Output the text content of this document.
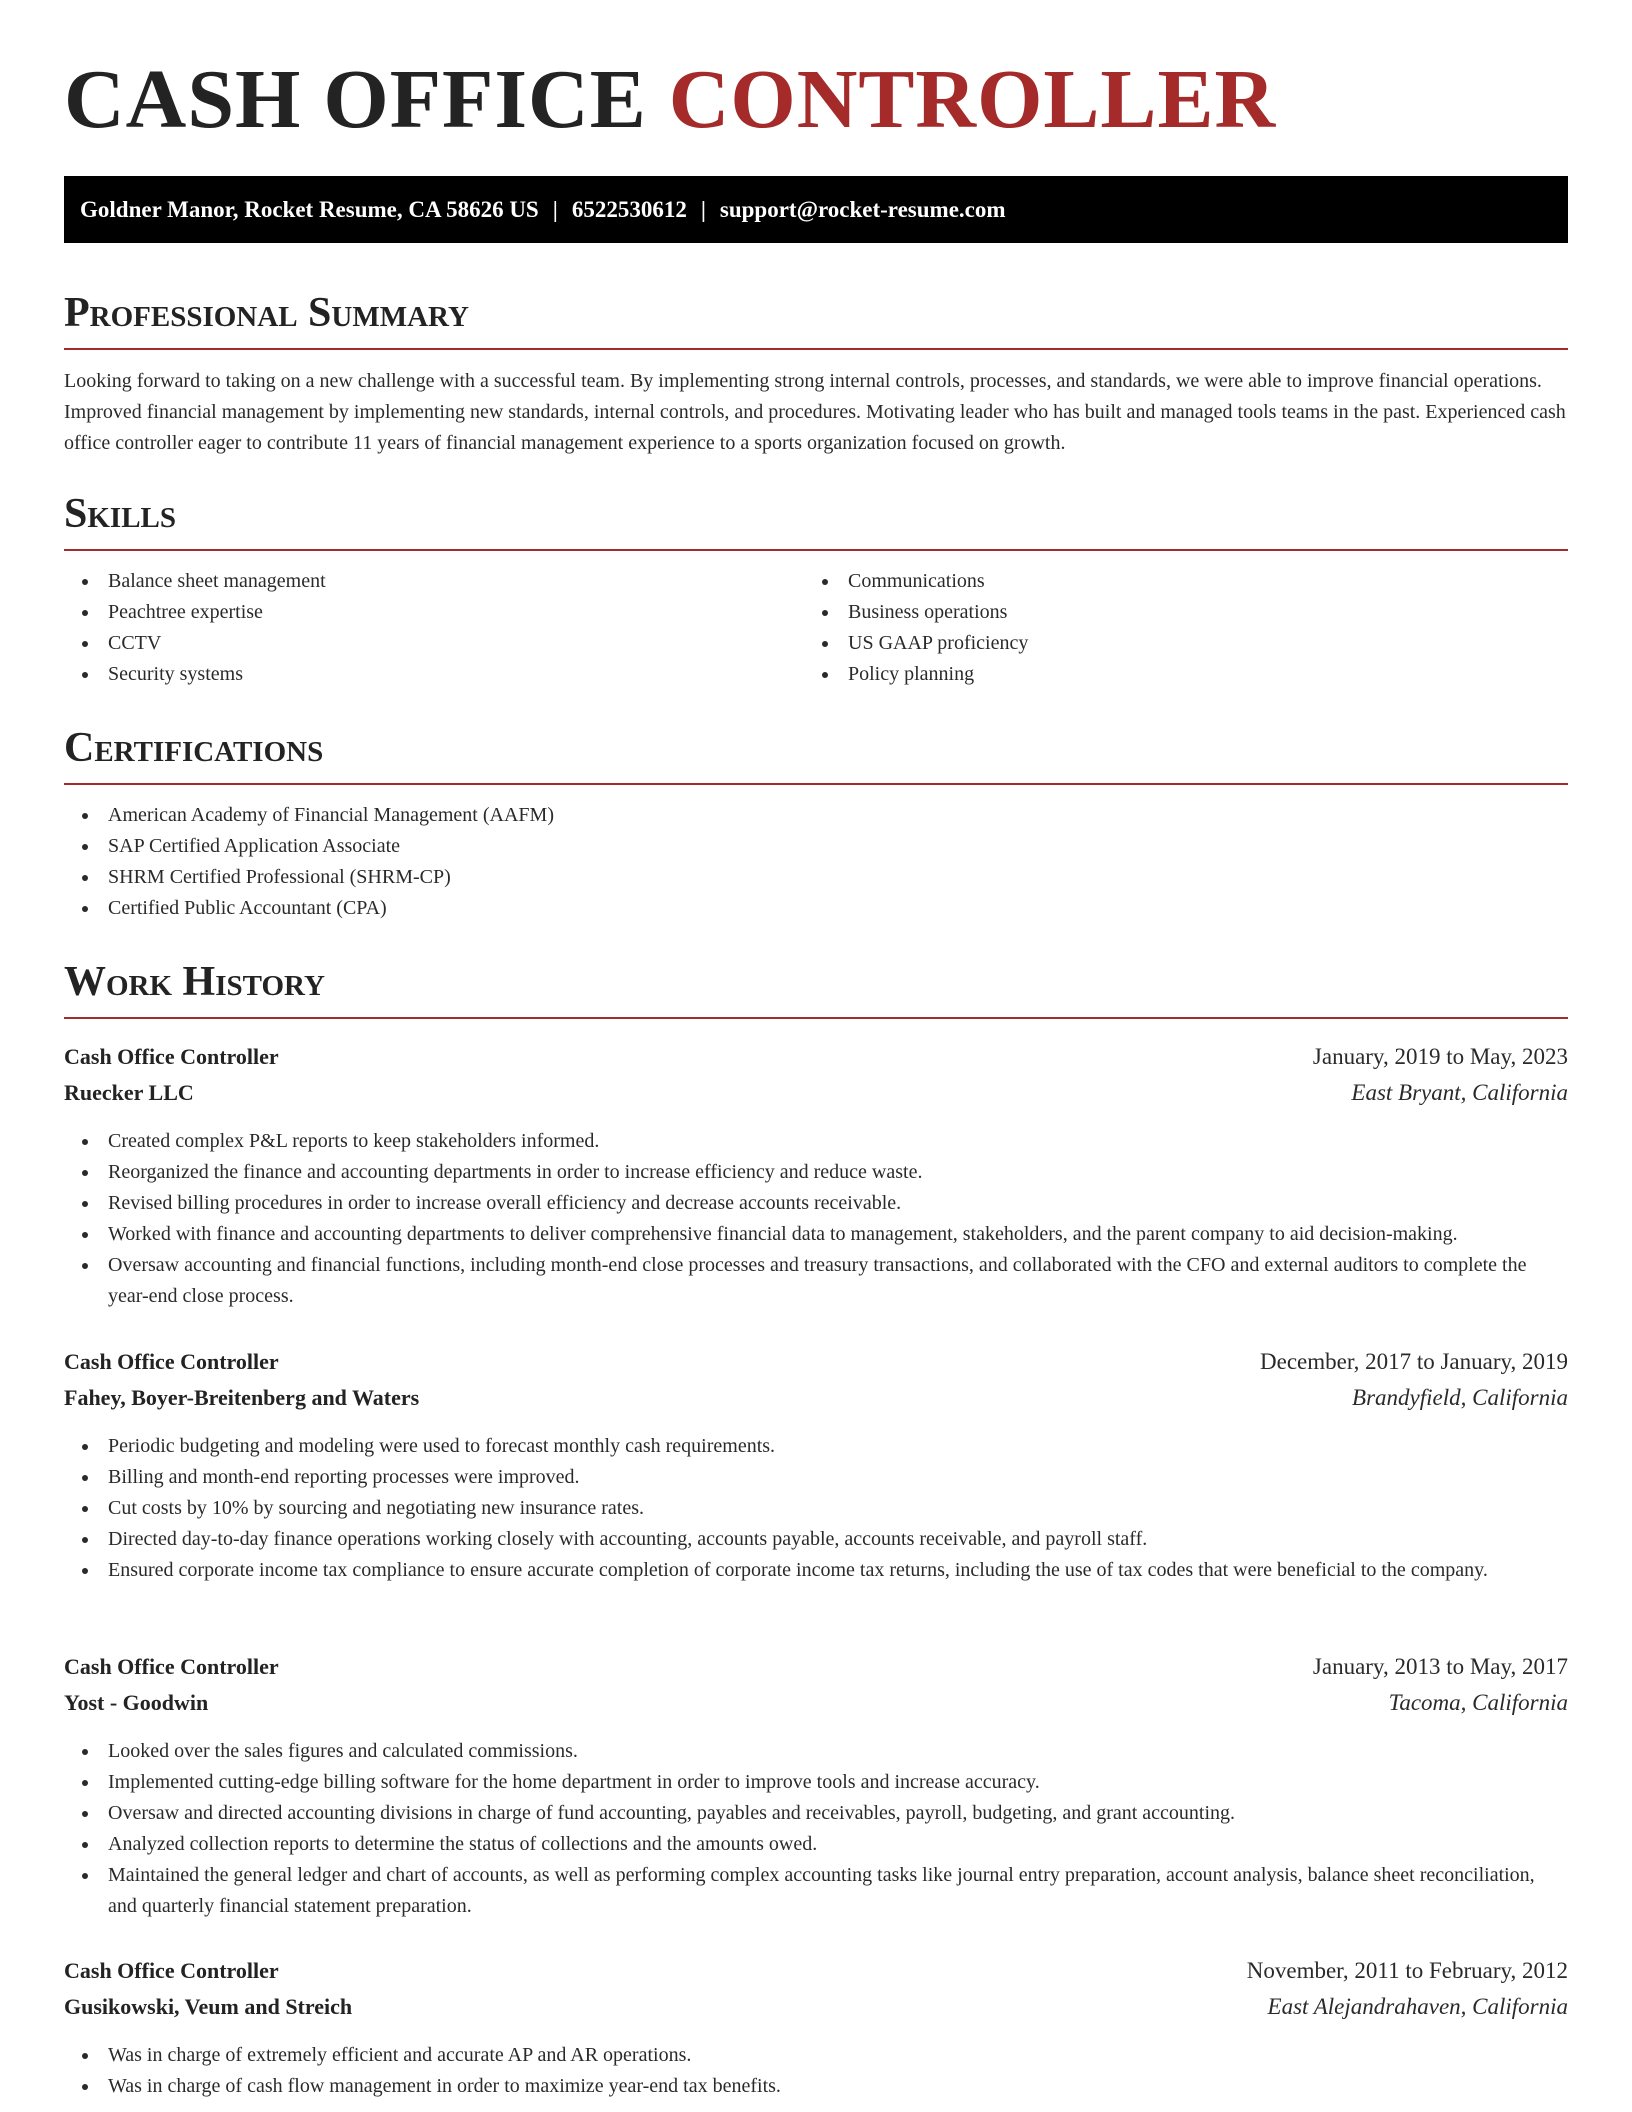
CASH OFFICE CONTROLLER
Goldner Manor, Rocket Resume, CA 58626 US | 6522530612 | support@rocket-resume.com
Professional Summary

Looking forward to taking on a new challenge with a successful team. By implementing strong internal controls, processes, and standards, we were able to improve financial operations. Improved financial management by implementing new standards, internal controls, and procedures. Motivating leader who has built and managed tools teams in the past. Experienced cash office controller eager to contribute 11 years of financial management experience to a sports organization focused on growth.

Skills
Balance sheet management
Peachtree expertise
CCTV
Security systems
Communications
Business operations
US GAAP proficiency
Policy planning
Certifications
American Academy of Financial Management (AAFM)
SAP Certified Application Associate
SHRM Certified Professional (SHRM-CP)
Certified Public Accountant (CPA)
Work History
Cash Office Controller	January, 2019 to May, 2023
Ruecker LLC	East Bryant, California
Created complex P&L reports to keep stakeholders informed.
Reorganized the finance and accounting departments in order to increase efficiency and reduce waste.
Revised billing procedures in order to increase overall efficiency and decrease accounts receivable.
Worked with finance and accounting departments to deliver comprehensive financial data to management, stakeholders, and the parent company to aid decision-making.
Oversaw accounting and financial functions, including month-end close processes and treasury transactions, and collaborated with the CFO and external auditors to complete the year-end close process.
Cash Office Controller	December, 2017 to January, 2019
Fahey, Boyer-Breitenberg and Waters	Brandyfield, California
Periodic budgeting and modeling were used to forecast monthly cash requirements.
Billing and month-end reporting processes were improved.
Cut costs by 10% by sourcing and negotiating new insurance rates.
Directed day-to-day finance operations working closely with accounting, accounts payable, accounts receivable, and payroll staff.
Ensured corporate income tax compliance to ensure accurate completion of corporate income tax returns, including the use of tax codes that were beneficial to the company.
Cash Office Controller	January, 2013 to May, 2017
Yost - Goodwin	Tacoma, California
Looked over the sales figures and calculated commissions.
Implemented cutting-edge billing software for the home department in order to improve tools and increase accuracy.
Oversaw and directed accounting divisions in charge of fund accounting, payables and receivables, payroll, budgeting, and grant accounting.
Analyzed collection reports to determine the status of collections and the amounts owed.
Maintained the general ledger and chart of accounts, as well as performing complex accounting tasks like journal entry preparation, account analysis, balance sheet reconciliation, and quarterly financial statement preparation.
Cash Office Controller	November, 2011 to February, 2012
Gusikowski, Veum and Streich	East Alejandrahaven, California
Was in charge of extremely efficient and accurate AP and AR operations.
Was in charge of cash flow management in order to maximize year-end tax benefits.
